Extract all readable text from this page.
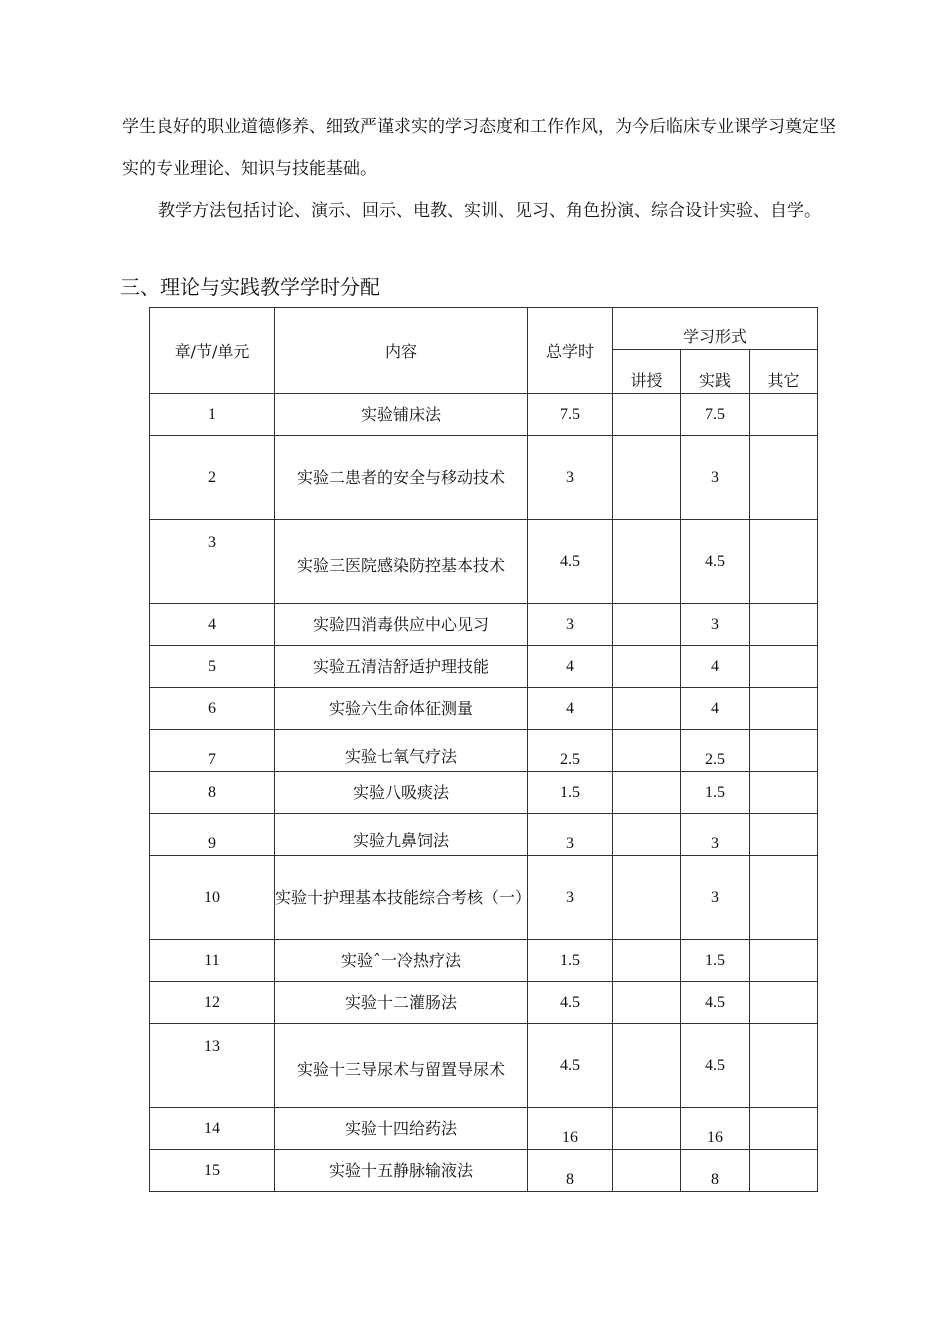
学生良好的职业道德修养、细致严谨求实的学习态度和工作作风，为今后临床专业课学习奠定坚实的专业理论、知识与技能基础。

教学方法包括讨论、演示、回示、电教、实训、见习、角色扮演、综合设计实验、自学。

三、理论与实践教学学时分配
章/节/单元	内容	总学时	学习形式		
			讲授	实践	其它
1	实验铺床法	7.5		7.5	
2	实验二患者的安全与移动技术	3		3	
3	实验三医院感染防控基本技术	4.5		4.5	
4	实验四消毒供应中心见习	3		3	
5	实验五清洁舒适护理技能	4		4	
6	实验六生命体征测量	4		4	
7	实验七氧气疗法	2.5		2.5	
8	实验八吸痰法	1.5		1.5	
9	实验九鼻饲法	3		3	
10	实验十护理基本技能综合考核（一）	3		3	
11	实验ˆ一冷热疗法	1.5		1.5	
12	实验十二灌肠法	4.5		4.5	
13	实验十三导尿术与留置导尿术	4.5		4.5	
14	实验十四给药法	16		16	
15	实验十五静脉输液法	8		8	
